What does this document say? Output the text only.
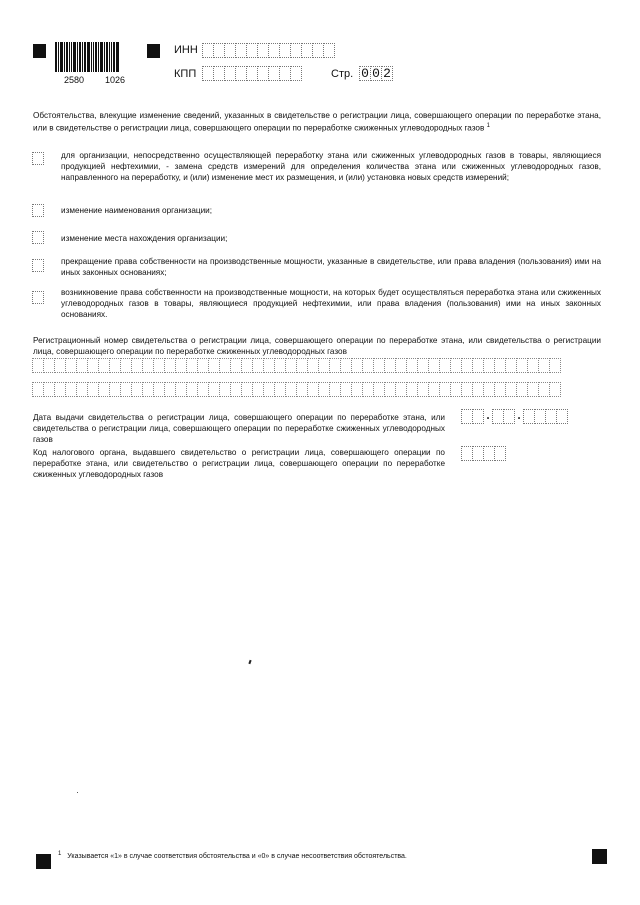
2580 1026
ИНН
КПП	Стр. 0 0 2
Обстоятельства, влекущие изменение сведений, указанных в свидетельстве о регистрации лица, совершающего операции по переработке этана, или в свидетельстве о регистрации лица, совершающего операции по переработке сжиженных углеводородных газов $^1$
для организации, непосредственно осуществляющей переработку этана или сжиженных углеводородных газов в товары, являющиеся продукцией нефтехимии, - замена средств измерений для определения количества этана или сжиженных углеводородных газов, направленного на переработку, и (или) изменение мест их размещения, и (или) установка новых средств измерений;
изменение наименования организации;
изменение места нахождения организации;
прекращение права собственности на производственные мощности, указанные в свидетельстве, или права владения (пользования) ими на иных законных основаниях;
возникновение права собственности на производственные мощности, на которых будет осуществляться переработка этана или сжиженных углеводородных газов в товары, являющиеся продукцией нефтехимии, или права владения (пользования) ими на иных законных основаниях.
Регистрационный номер свидетельства о регистрации лица, совершающего операции по переработке этана, или свидетельства о регистрации лица, совершающего операции по переработке сжиженных углеводородных газов
Дата выдачи свидетельства о регистрации лица, совершающего операции по переработке этана, или свидетельства о регистрации лица, совершающего операции по переработке сжиженных углеводородных газов
. .
Код налогового органа, выдавшего свидетельство о регистрации лица, совершающего операции по переработке этана, или свидетельство о регистрации лица, совершающего операции по переработке сжиженных углеводородных газов
$^1$ Указывается «1» в случае соответствия обстоятельства и «0» в случае несоответствия обстоятельства.
